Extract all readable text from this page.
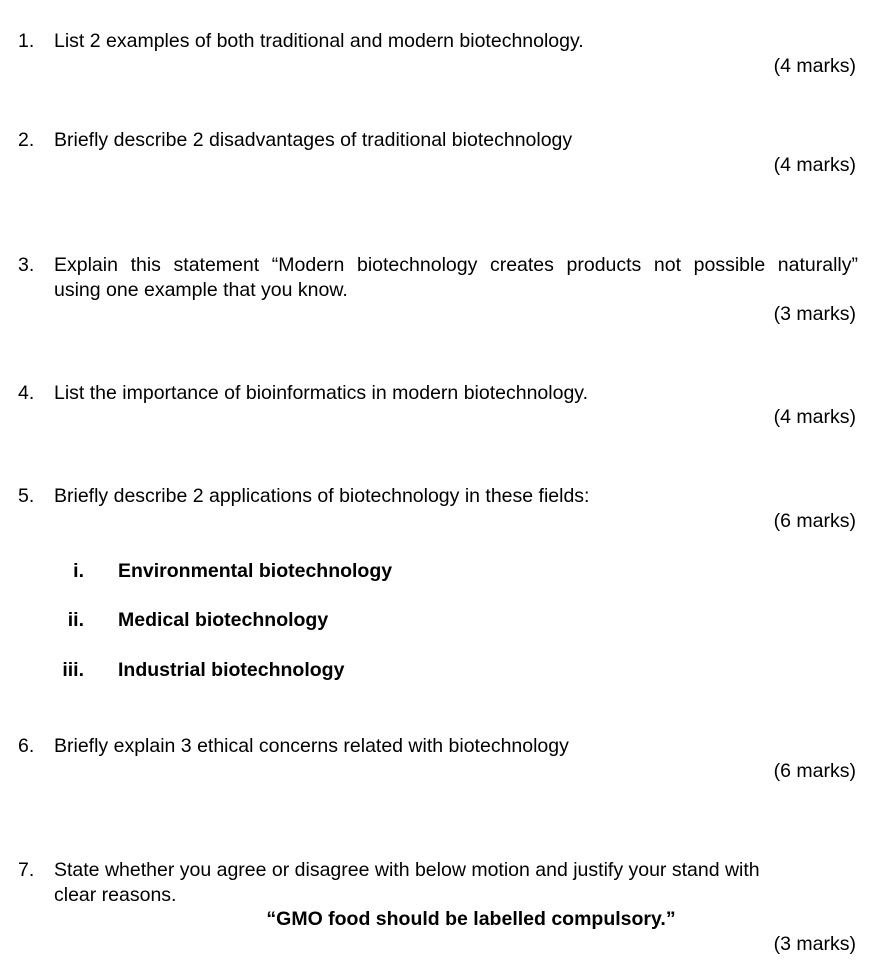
1.	List 2 examples of both traditional and modern biotechnology.
(4 marks)
2.	Briefly describe 2 disadvantages of traditional biotechnology
(4 marks)
3.	Explain this statement “Modern biotechnology creates products not possible naturally”
using one example that you know.
(3 marks)
4.	List the importance of bioinformatics in modern biotechnology.
(4 marks)
5.	Briefly describe 2 applications of biotechnology in these fields:
(6 marks)
i. Environmental biotechnology
ii. Medical biotechnology
iii. Industrial biotechnology
6.	Briefly explain 3 ethical concerns related with biotechnology
(6 marks)
7.	State whether you agree or disagree with below motion and justify your stand with
clear reasons.
“GMO food should be labelled compulsory.”
(3 marks)
